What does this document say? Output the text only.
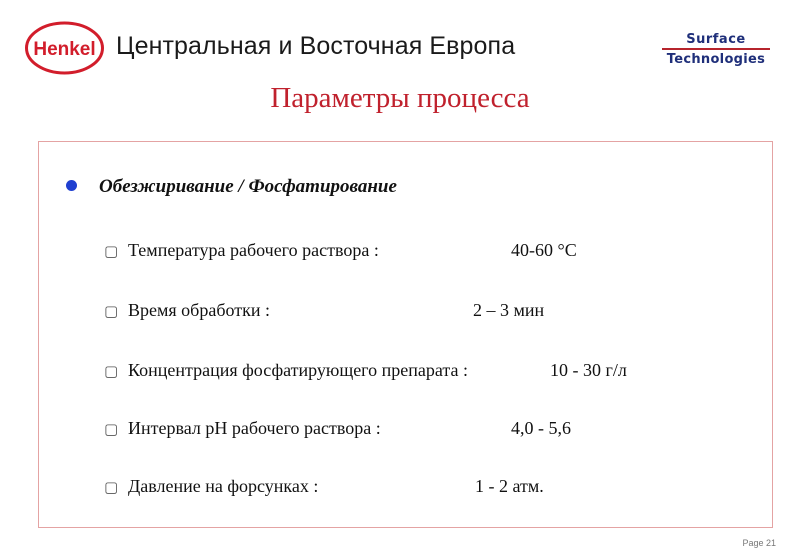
Henkel Центральная и Восточная Европа	Surface
Technologies
Параметры процесса
Обезжиривание / Фосфатирование
▢ Температура рабочего раствора :	40-60 °С
▢ Время обработки :	2 – 3 мин
▢ Концентрация фосфатирующего препарата :	10 - 30 г/л
▢ Интервал pH рабочего раствора :	4,0 - 5,6
▢ Давление на форсунках :	1 - 2 атм.
Page 21
